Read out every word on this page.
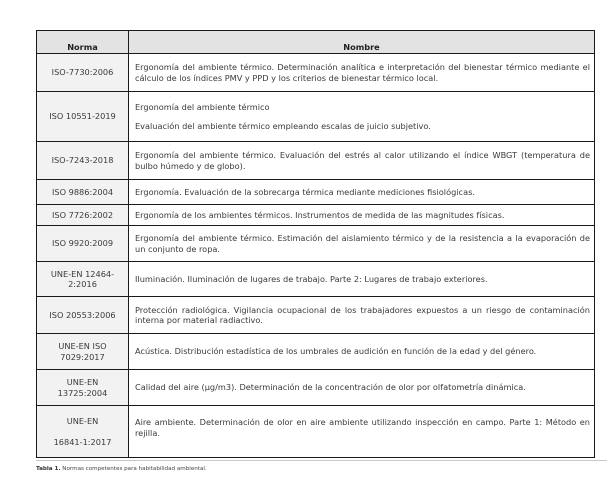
Norma	Nombre

ISO-7730:2006	Ergonomía del ambiente térmico. Determinación analítica e interpretación del bienestar térmico mediante el cálculo de los índices PMV y PPD y los criterios de bienestar térmico local.

ISO 10551-2019	Ergonomía del ambiente térmico
Evaluación del ambiente térmico empleando escalas de juicio subjetivo.

ISO-7243-2018	Ergonomía del ambiente térmico. Evaluación del estrés al calor utilizando el índice WBGT (temperatura de bulbo húmedo y de globo).

ISO 9886:2004	Ergonomía. Evaluación de la sobrecarga térmica mediante mediciones fisiológicas.

ISO 7726:2002	Ergonomía de los ambientes térmicos. Instrumentos de medida de las magnitudes físicas.

ISO 9920:2009	Ergonomía del ambiente térmico. Estimación del aislamiento térmico y de la resistencia a la evaporación de un conjunto de ropa.

UNE-EN 12464-
2:2016	Iluminación. Iluminación de lugares de trabajo. Parte 2: Lugares de trabajo exteriores.

ISO 20553:2006	Protección radiológica. Vigilancia ocupacional de los trabajadores expuestos a un riesgo de contaminación interna por material radiactivo.

UNE-EN ISO
7029:2017	Acústica. Distribución estadística de los umbrales de audición en función de la edad y del género.

UNE-EN
13725:2004	Calidad del aire (µg/m3). Determinación de la concentración de olor por olfatometría dinámica.

UNE-EN
16841-1:2017	Aire ambiente. Determinación de olor en aire ambiente utilizando inspección en campo. Parte 1: Método en rejilla.
Tabla 1. Normas competentes para habitabilidad ambiental.
